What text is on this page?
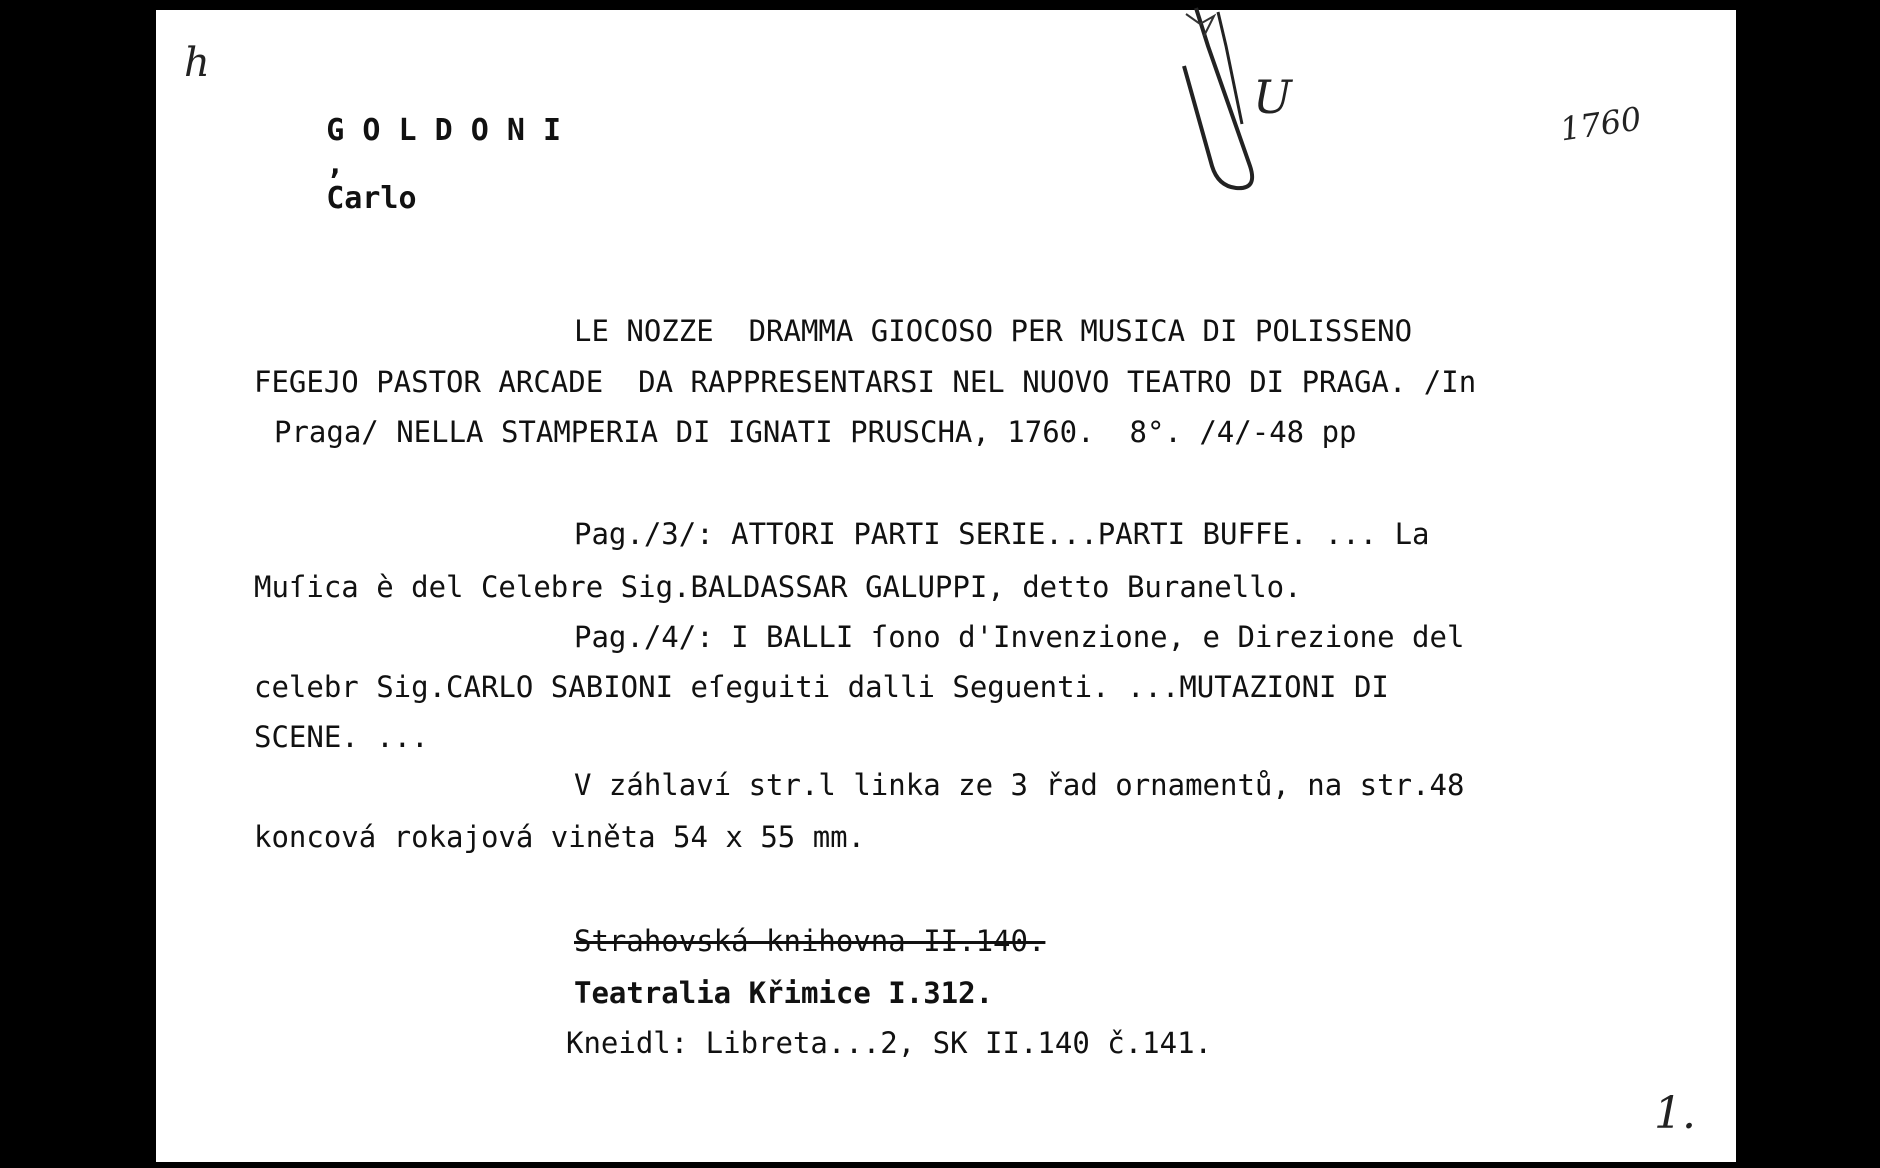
h
U	1760
1.

G O L D O N I
,
Carlo

LE NOZZE  DRAMMA GIOCOSO PER MUSICA DI POLISSENO
FEGEJO PASTOR ARCADE  DA RAPPRESENTARSI NEL NUOVO TEATRO DI PRAGA. /In
Praga/ NELLA STAMPERIA DI IGNATI PRUSCHA, 1760.  8°. /4/-48 pp
Pag./3/: ATTORI PARTI SERIE...PARTI BUFFE. ... La
Muſica è del Celebre Sig.BALDASSAR GALUPPI, detto Buranello.
Pag./4/: I BALLI ſono d'Invenzione, e Direzione del
celebr Sig.CARLO SABIONI eſeguiti dalli Seguenti. ...MUTAZIONI DI
SCENE. ...
V záhlaví str.l linka ze 3 řad ornamentů, na str.48
koncová rokajová viněta 54 x 55 mm.
Strahovská knihovna II.140.
Teatralia Křimice I.312.
Kneidl: Libreta...2, SK II.140 č.141.
